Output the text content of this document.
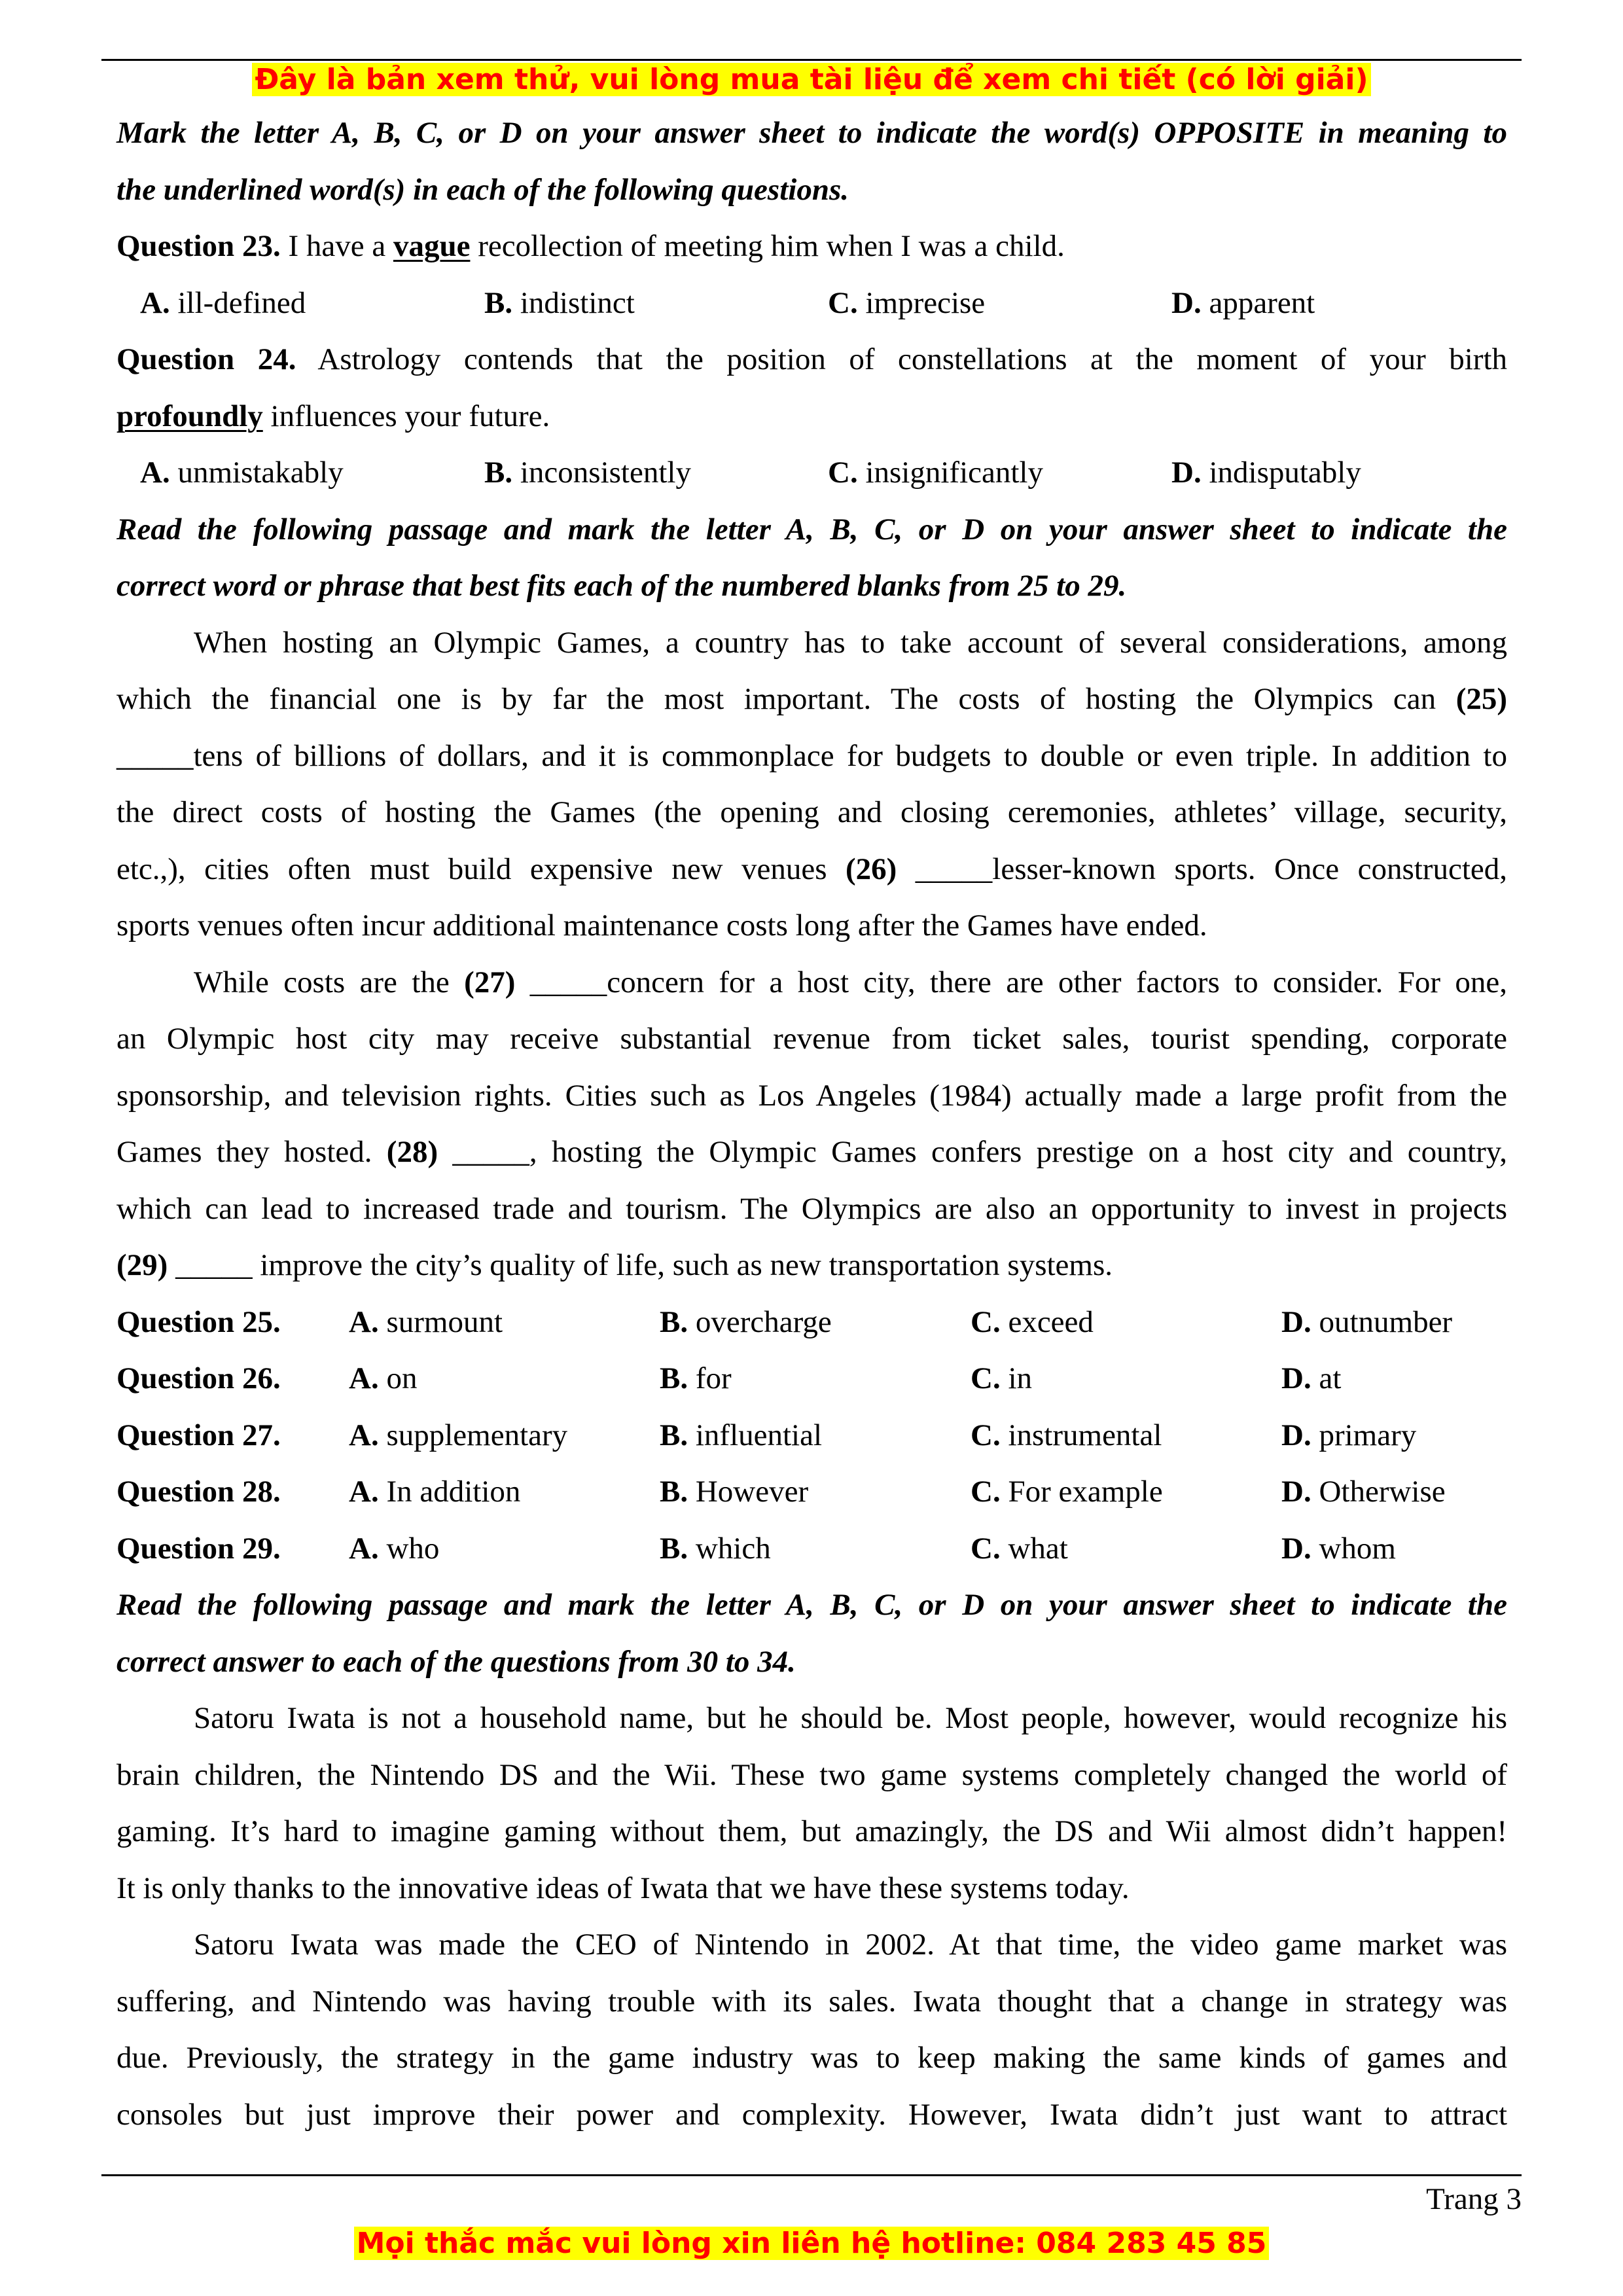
Đây là bản xem thử, vui lòng mua tài liệu để xem chi tiết (có lời giải)
Mark the letter A, B, C, or D on your answer sheet to indicate the word(s) OPPOSITE in meaning to
the underlined word(s) in each of the following questions.
Question 23. I have a vague recollection of meeting him when I was a child.
A. ill-defined	B. indistinct	C. imprecise	D. apparent
Question 24. Astrology contends that the position of constellations at the moment of your birth
profoundly influences your future.
A. unmistakably	B. inconsistently	C. insignificantly	D. indisputably
Read the following passage and mark the letter A, B, C, or D on your answer sheet to indicate the
correct word or phrase that best fits each of the numbered blanks from 25 to 29.
When hosting an Olympic Games, a country has to take account of several considerations, among
which the financial one is by far the most important. The costs of hosting the Olympics can (25)
_____tens of billions of dollars, and it is commonplace for budgets to double or even triple. In addition to
the direct costs of hosting the Games (the opening and closing ceremonies, athletes’ village, security,
etc.,), cities often must build expensive new venues (26) _____lesser-known sports. Once constructed,
sports venues often incur additional maintenance costs long after the Games have ended.
While costs are the (27) _____concern for a host city, there are other factors to consider. For one,
an Olympic host city may receive substantial revenue from ticket sales, tourist spending, corporate
sponsorship, and television rights. Cities such as Los Angeles (1984) actually made a large profit from the
Games they hosted. (28) _____, hosting the Olympic Games confers prestige on a host city and country,
which can lead to increased trade and tourism. The Olympics are also an opportunity to invest in projects
(29) _____ improve the city’s quality of life, such as new transportation systems.
Question 25. A. surmount	B. overcharge	C. exceed	D. outnumber
Question 26. A. on	B. for	C. in	D. at
Question 27. A. supplementary	B. influential	C. instrumental	D. primary
Question 28. A. In addition	B. However	C. For example	D. Otherwise
Question 29. A. who	B. which	C. what	D. whom
Read the following passage and mark the letter A, B, C, or D on your answer sheet to indicate the
correct answer to each of the questions from 30 to 34.
Satoru Iwata is not a household name, but he should be. Most people, however, would recognize his
brain children, the Nintendo DS and the Wii. These two game systems completely changed the world of
gaming. It’s hard to imagine gaming without them, but amazingly, the DS and Wii almost didn’t happen!
It is only thanks to the innovative ideas of Iwata that we have these systems today.
Satoru Iwata was made the CEO of Nintendo in 2002. At that time, the video game market was
suffering, and Nintendo was having trouble with its sales. Iwata thought that a change in strategy was
due. Previously, the strategy in the game industry was to keep making the same kinds of games and
consoles but just improve their power and complexity. However, Iwata didn’t just want to attract
Trang 3
Mọi thắc mắc vui lòng xin liên hệ hotline: 084 283 45 85
